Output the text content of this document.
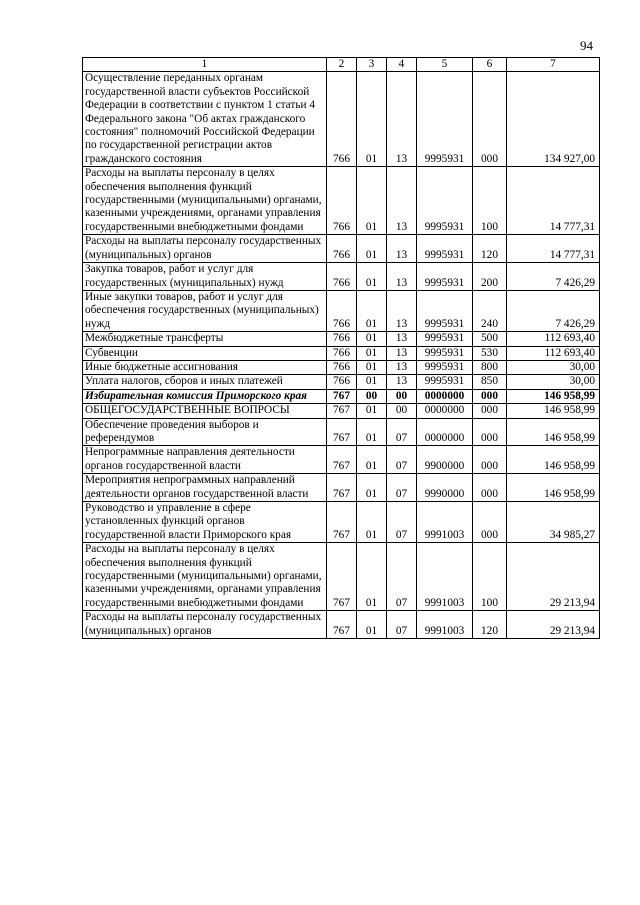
94
1	2	3	4	5	6	7
Осуществление переданных органам государственной власти субъектов Российской Федерации в соответствии с пунктом 1 статьи 4 Федерального закона "Об актах гражданского состояния" полномочий Российской Федерации по государственной регистрации актов гражданского состояния	766	01	13	9995931	000	134 927,00
Расходы на выплаты персоналу в целях обеспечения выполнения функций государственными (муниципальными) органами, казенными учреждениями, органами управления государственными внебюджетными фондами	766	01	13	9995931	100	14 777,31
Расходы на выплаты персоналу государственных (муниципальных) органов	766	01	13	9995931	120	14 777,31
Закупка товаров, работ и услуг для государственных (муниципальных) нужд	766	01	13	9995931	200	7 426,29
Иные закупки товаров, работ и услуг для обеспечения государственных (муниципальных) нужд	766	01	13	9995931	240	7 426,29
Межбюджетные трансферты	766	01	13	9995931	500	112 693,40
Субвенции	766	01	13	9995931	530	112 693,40
Иные бюджетные ассигнования	766	01	13	9995931	800	30,00
Уплата налогов, сборов и иных платежей	766	01	13	9995931	850	30,00
Избирательная комиссия Приморского края	767	00	00	0000000	000	146 958,99
ОБЩЕГОСУДАРСТВЕННЫЕ ВОПРОСЫ	767	01	00	0000000	000	146 958,99
Обеспечение проведения выборов и референдумов	767	01	07	0000000	000	146 958,99
Непрограммные направления деятельности органов государственной власти	767	01	07	9900000	000	146 958,99
Мероприятия непрограммных направлений деятельности органов государственной власти	767	01	07	9990000	000	146 958,99
Руководство и управление в сфере установленных функций органов государственной власти Приморского края	767	01	07	9991003	000	34 985,27
Расходы на выплаты персоналу в целях обеспечения выполнения функций государственными (муниципальными) органами, казенными учреждениями, органами управления государственными внебюджетными фондами	767	01	07	9991003	100	29 213,94
Расходы на выплаты персоналу государственных (муниципальных) органов	767	01	07	9991003	120	29 213,94
